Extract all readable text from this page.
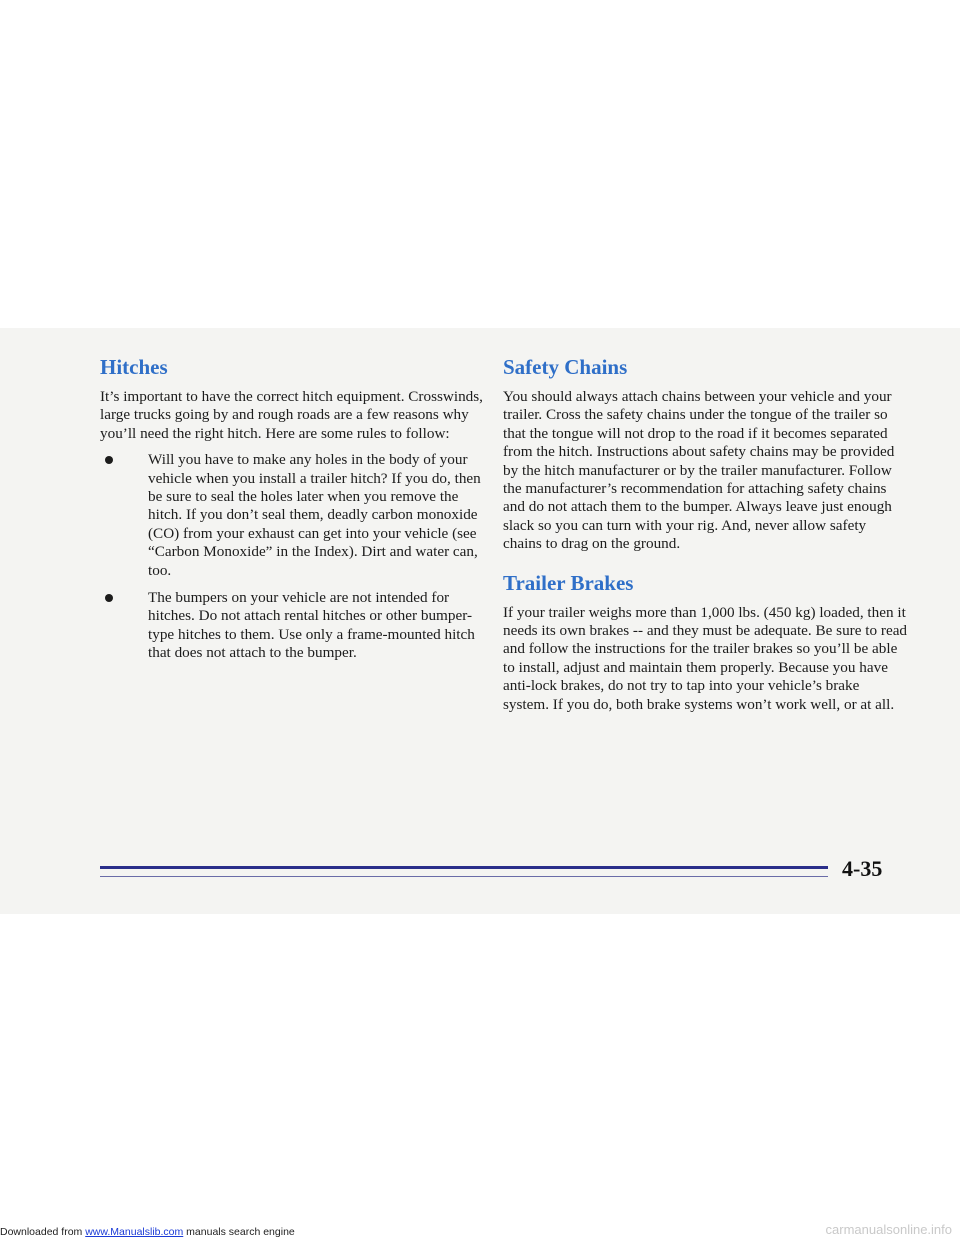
Hitches

It’s important to have the correct hitch equipment. Crosswinds, large trucks going by and rough roads are a few reasons why you’ll need the right hitch. Here are some rules to follow:

Will you have to make any holes in the body of your vehicle when you install a trailer hitch? If you do, then be sure to seal the holes later when you remove the hitch. If you don’t seal them, deadly carbon monoxide (CO) from your exhaust can get into your vehicle (see “Carbon Monoxide” in the Index). Dirt and water can, too.
The bumpers on your vehicle are not intended for hitches. Do not attach rental hitches or other bumper-type hitches to them. Use only a frame-mounted hitch that does not attach to the bumper.
Safety Chains

You should always attach chains between your vehicle and your trailer. Cross the safety chains under the tongue of the trailer so that the tongue will not drop to the road if it becomes separated from the hitch. Instructions about safety chains may be provided by the hitch manufacturer or by the trailer manufacturer. Follow the manufacturer’s recommendation for attaching safety chains and do not attach them to the bumper. Always leave just enough slack so you can turn with your rig. And, never allow safety chains to drag on the ground.

Trailer Brakes

If your trailer weighs more than 1,000 lbs. (450 kg) loaded, then it needs its own brakes -- and they must be adequate. Be sure to read and follow the instructions for the trailer brakes so you’ll be able to install, adjust and maintain them properly. Because you have anti-lock brakes, do not try to tap into your vehicle’s brake system. If you do, both brake systems won’t work well, or at all.

4-35
Downloaded from www.Manualslib.com manuals search engine	carmanualsonline.info
